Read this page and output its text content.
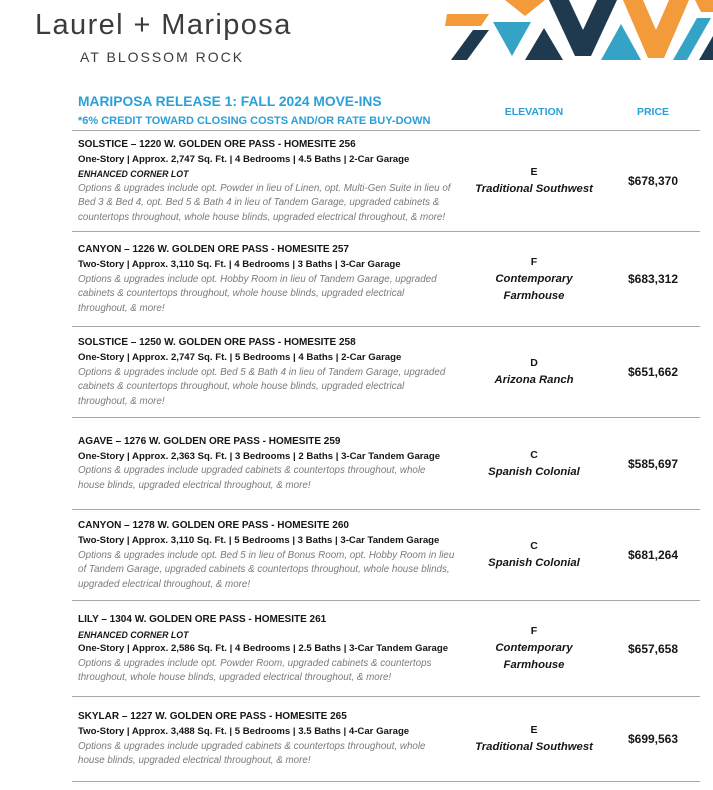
Laurel + Mariposa
AT BLOSSOM ROCK
MARIPOSA RELEASE 1: FALL 2024 MOVE-INS
*6% CREDIT TOWARD CLOSING COSTS AND/OR RATE BUY-DOWN
ELEVATION	PRICE
SOLSTICE – 1220 W. GOLDEN ORE PASS - HOMESITE 256
One-Story | Approx. 2,747 Sq. Ft. | 4 Bedrooms | 4.5 Baths | 2-Car Garage
ENHANCED CORNER LOT
Options & upgrades include opt. Powder in lieu of Linen, opt. Multi-Gen Suite in lieu of
Bed 3 & Bed 4, opt. Bed 5 & Bath 4 in lieu of Tandem Garage, upgraded cabinets &
countertops throughout, whole house blinds, upgraded electrical throughout, & more!
E
Traditional Southwest
$678,370
CANYON – 1226 W. GOLDEN ORE PASS - HOMESITE 257
Two-Story | Approx. 3,110 Sq. Ft. | 4 Bedrooms | 3 Baths | 3-Car Garage
Options & upgrades include opt. Hobby Room in lieu of Tandem Garage, upgraded
cabinets & countertops throughout, whole house blinds, upgraded electrical
throughout, & more!
F
Contemporary
Farmhouse
$683,312
SOLSTICE – 1250 W. GOLDEN ORE PASS - HOMESITE 258
One-Story | Approx. 2,747 Sq. Ft. | 5 Bedrooms | 4 Baths | 2-Car Garage
Options & upgrades include opt. Bed 5 & Bath 4 in lieu of Tandem Garage, upgraded
cabinets & countertops throughout, whole house blinds, upgraded electrical
throughout, & more!
D
Arizona Ranch
$651,662
AGAVE – 1276 W. GOLDEN ORE PASS - HOMESITE 259
One-Story | Approx. 2,363 Sq. Ft. | 3 Bedrooms | 2 Baths | 3-Car Tandem Garage
Options & upgrades include upgraded cabinets & countertops throughout, whole
house blinds, upgraded electrical throughout, & more!
C
Spanish Colonial
$585,697
CANYON – 1278 W. GOLDEN ORE PASS - HOMESITE 260
Two-Story | Approx. 3,110 Sq. Ft. | 5 Bedrooms | 3 Baths | 3-Car Tandem Garage
Options & upgrades include opt. Bed 5 in lieu of Bonus Room, opt. Hobby Room in lieu
of Tandem Garage, upgraded cabinets & countertops throughout, whole house blinds,
upgraded electrical throughout, & more!
C
Spanish Colonial
$681,264
LILY – 1304 W. GOLDEN ORE PASS - HOMESITE 261
ENHANCED CORNER LOT
One-Story | Approx. 2,586 Sq. Ft. | 4 Bedrooms | 2.5 Baths | 3-Car Tandem Garage
Options & upgrades include opt. Powder Room, upgraded cabinets & countertops
throughout, whole house blinds, upgraded electrical throughout, & more!
F
Contemporary
Farmhouse
$657,658
SKYLAR – 1227 W. GOLDEN ORE PASS - HOMESITE 265
Two-Story | Approx. 3,488 Sq. Ft. | 5 Bedrooms | 3.5 Baths | 4-Car Garage
Options & upgrades include upgraded cabinets & countertops throughout, whole
house blinds, upgraded electrical throughout, & more!
E
Traditional Southwest
$699,563
